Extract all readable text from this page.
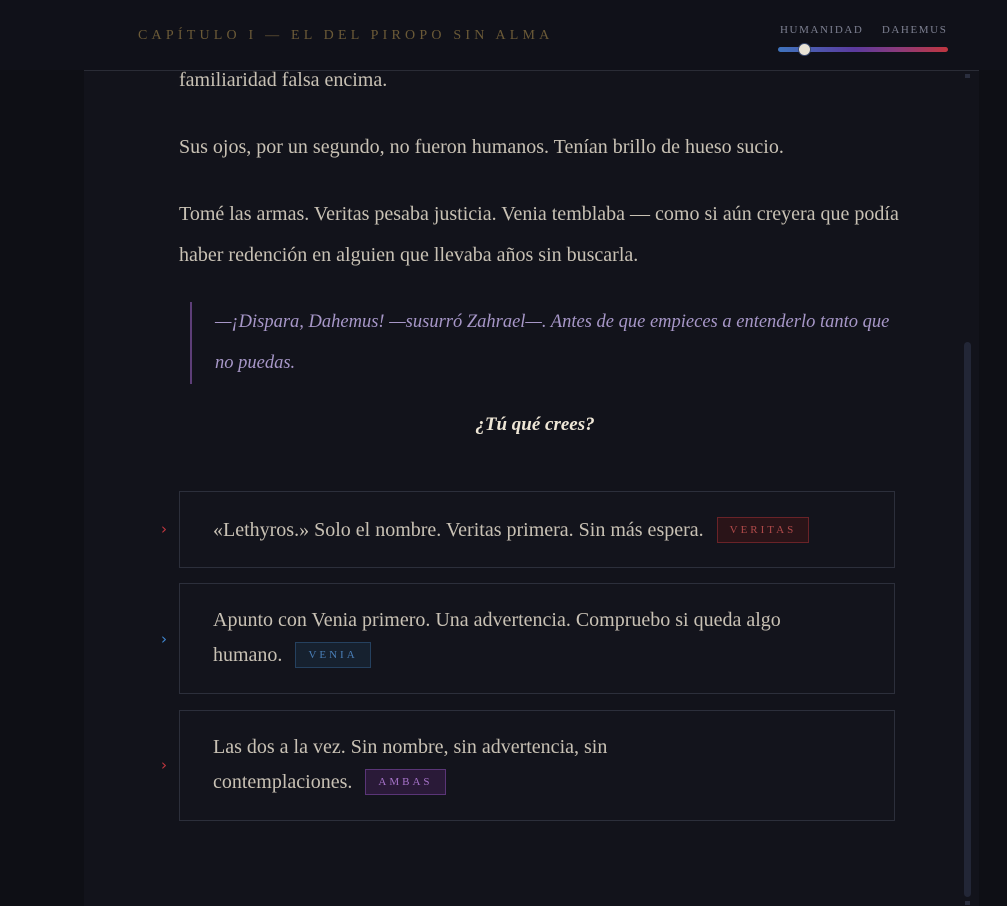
CAPÍTULO I — EL DEL PIROPO SIN ALMA	HUMANIDAD DAHEMUS

familiaridad falsa encima.

Sus ojos, por un segundo, no fueron humanos. Tenían brillo de hueso sucio.

Tomé las armas. Veritas pesaba justicia. Venia temblaba — como si aún creyera que podía haber redención en alguien que llevaba años sin buscarla.

—¡Dispara, Dahemus! —susurró Zahrael—. Antes de que empieces a entenderlo tanto que no puedas.
¿Tú qué crees?
›	«Lethyros.» Solo el nombre. Veritas primera. Sin más espera. VERITAS
›
Apunto con Venia primero. Una advertencia. Compruebo si queda algo humano. VENIA
›
Las dos a la vez. Sin nombre, sin advertencia, sin contemplaciones. AMBAS
